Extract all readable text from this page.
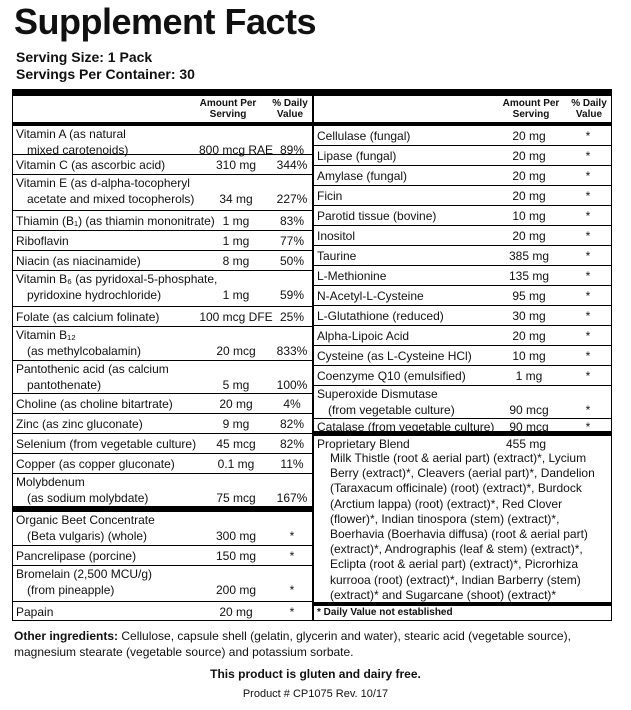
Supplement Facts
Serving Size: 1 Pack
Servings Per Container: 30
Amount Per Serving
% Daily Value
Vitamin A (as natural
mixed carotenoids)	800 mcg RAE 89%
Vitamin C (as ascorbic acid)	310 mg	344%
Vitamin E (as d-alpha-tocopheryl
acetate and mixed tocopherols)	34 mg	227%
Thiamin (B₁) (as thiamin mononitrate) 1 mg	83%
Riboflavin	1 mg	77%
Niacin (as niacinamide)	8 mg	50%
Vitamin B₆ (as pyridoxal-5-phosphate,
pyridoxine hydrochloride)	1 mg	59%
Folate (as calcium folinate)	100 mcg DFE 25%
Vitamin B₁₂
(as methylcobalamin)	20 mcg	833%
Pantothenic acid (as calcium
pantothenate)	5 mg	100%
Choline (as choline bitartrate)	20 mg	4%
Zinc (as zinc gluconate)	9 mg	82%
Selenium (from vegetable culture)	45 mcg	82%
Copper (as copper gluconate)	0.1 mg	11%
Molybdenum
(as sodium molybdate)	75 mcg	167%
Organic Beet Concentrate
(Beta vulgaris) (whole)	300 mg	*
Pancrelipase (porcine)	150 mg	*
Bromelain (2,500 MCU/g)
(from pineapple)	200 mg	*
Papain	20 mg	*
Amount Per Serving
% Daily Value
Proprietary Blend	455 mg
Milk Thistle (root & aerial part) (extract)*, Lycium Berry (extract)*, Cleavers (aerial part)*, Dandelion (Taraxacum officinale) (root) (extract)*, Burdock (Arctium lappa) (root) (extract)*, Red Clover (flower)*, Indian tinospora (stem) (extract)*, Boerhavia (Boerhavia diffusa) (root & aerial part) (extract)*, Andrographis (leaf & stem) (extract)*, Eclipta (root & aerial part) (extract)*, Picrorhiza kurrooa (root) (extract)*, Indian Barberry (stem) (extract)* and Sugarcane (shoot) (extract)*
* Daily Value not established
Cellulase (fungal)	20 mg	*
Lipase (fungal)	20 mg	*
Amylase (fungal)	20 mg	*
Ficin	20 mg	*
Parotid tissue (bovine)	10 mg	*
Inositol	20 mg	*
Taurine	385 mg	*
L-Methionine	135 mg	*
N-Acetyl-L-Cysteine	95 mg	*
L-Glutathione (reduced)	30 mg	*
Alpha-Lipoic Acid	20 mg	*
Cysteine (as L-Cysteine HCl)	10 mg	*
Coenzyme Q10 (emulsified)	1 mg	*
Superoxide Dismutase
(from vegetable culture)	90 mcg	*
Catalase (from vegetable culture)	90 mcg	*
Other ingredients: Cellulose, capsule shell (gelatin, glycerin and water), stearic acid (vegetable source), magnesium stearate (vegetable source) and potassium sorbate.
This product is gluten and dairy free.
Product # CP1075 Rev. 10/17
